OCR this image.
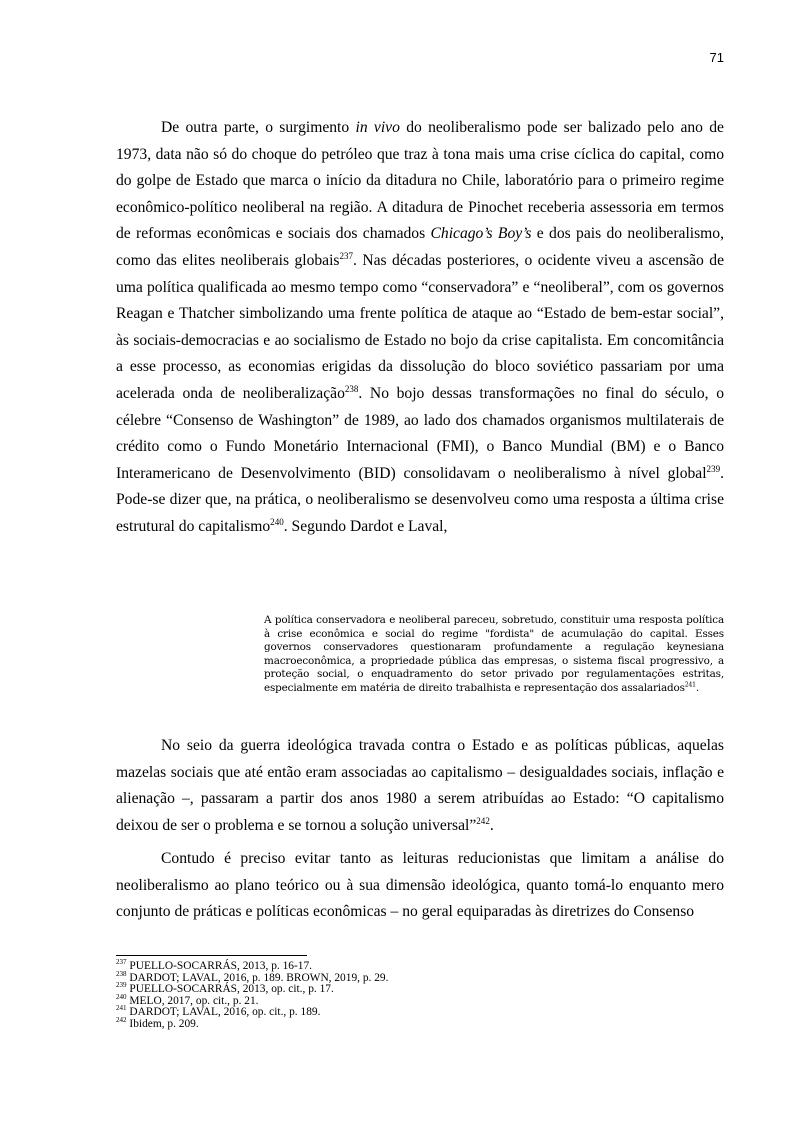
71

De outra parte, o surgimento in vivo do neoliberalismo pode ser balizado pelo ano de 1973, data não só do choque do petróleo que traz à tona mais uma crise cíclica do capital, como do golpe de Estado que marca o início da ditadura no Chile, laboratório para o primeiro regime econômico-político neoliberal na região. A ditadura de Pinochet receberia assessoria em termos de reformas econômicas e sociais dos chamados Chicago’s Boy’s e dos pais do neoliberalismo, como das elites neoliberais globais$^{237}$. Nas décadas posteriores, o ocidente viveu a ascensão de uma política qualificada ao mesmo tempo como “conservadora” e “neoliberal”, com os governos Reagan e Thatcher simbolizando uma frente política de ataque ao “Estado de bem-estar social”, às sociais-democracias e ao socialismo de Estado no bojo da crise capitalista. Em concomitância a esse processo, as economias erigidas da dissolução do bloco soviético passariam por uma acelerada onda de neoliberalização$^{238}$. No bojo dessas transformações no final do século, o célebre “Consenso de Washington” de 1989, ao lado dos chamados organismos multilaterais de crédito como o Fundo Monetário Internacional (FMI), o Banco Mundial (BM) e o Banco Interamericano de Desenvolvimento (BID) consolidavam o neoliberalismo à nível global$^{239}$. Pode-se dizer que, na prática, o neoliberalismo se desenvolveu como uma resposta a última crise estrutural do capitalismo$^{240}$. Segundo Dardot e Laval,

A política conservadora e neoliberal pareceu, sobretudo, constituir uma resposta política à crise econômica e social do regime "fordista" de acumulação do capital. Esses governos conservadores questionaram profundamente a regulação keynesiana macroeconômica, a propriedade pública das empresas, o sistema fiscal progressivo, a proteção social, o enquadramento do setor privado por regulamentações estritas, especialmente em matéria de direito trabalhista e representação dos assalariados$^{241}$.

No seio da guerra ideológica travada contra o Estado e as políticas públicas, aquelas mazelas sociais que até então eram associadas ao capitalismo – desigualdades sociais, inflação e alienação –, passaram a partir dos anos 1980 a serem atribuídas ao Estado: “O capitalismo deixou de ser o problema e se tornou a solução universal”$^{242}$.

Contudo é preciso evitar tanto as leituras reducionistas que limitam a análise do neoliberalismo ao plano teórico ou à sua dimensão ideológica, quanto tomá-lo enquanto mero conjunto de práticas e políticas econômicas – no geral equiparadas às diretrizes do Consenso

$^{237}$ PUELLO-SOCARRÁS, 2013, p. 16-17.
$^{238}$ DARDOT; LAVAL, 2016, p. 189. BROWN, 2019, p. 29.
$^{239}$ PUELLO-SOCARRÁS, 2013, op. cit., p. 17.
$^{240}$ MELO, 2017, op. cit., p. 21.
$^{241}$ DARDOT; LAVAL, 2016, op. cit., p. 189.
$^{242}$ Ibidem, p. 209.
